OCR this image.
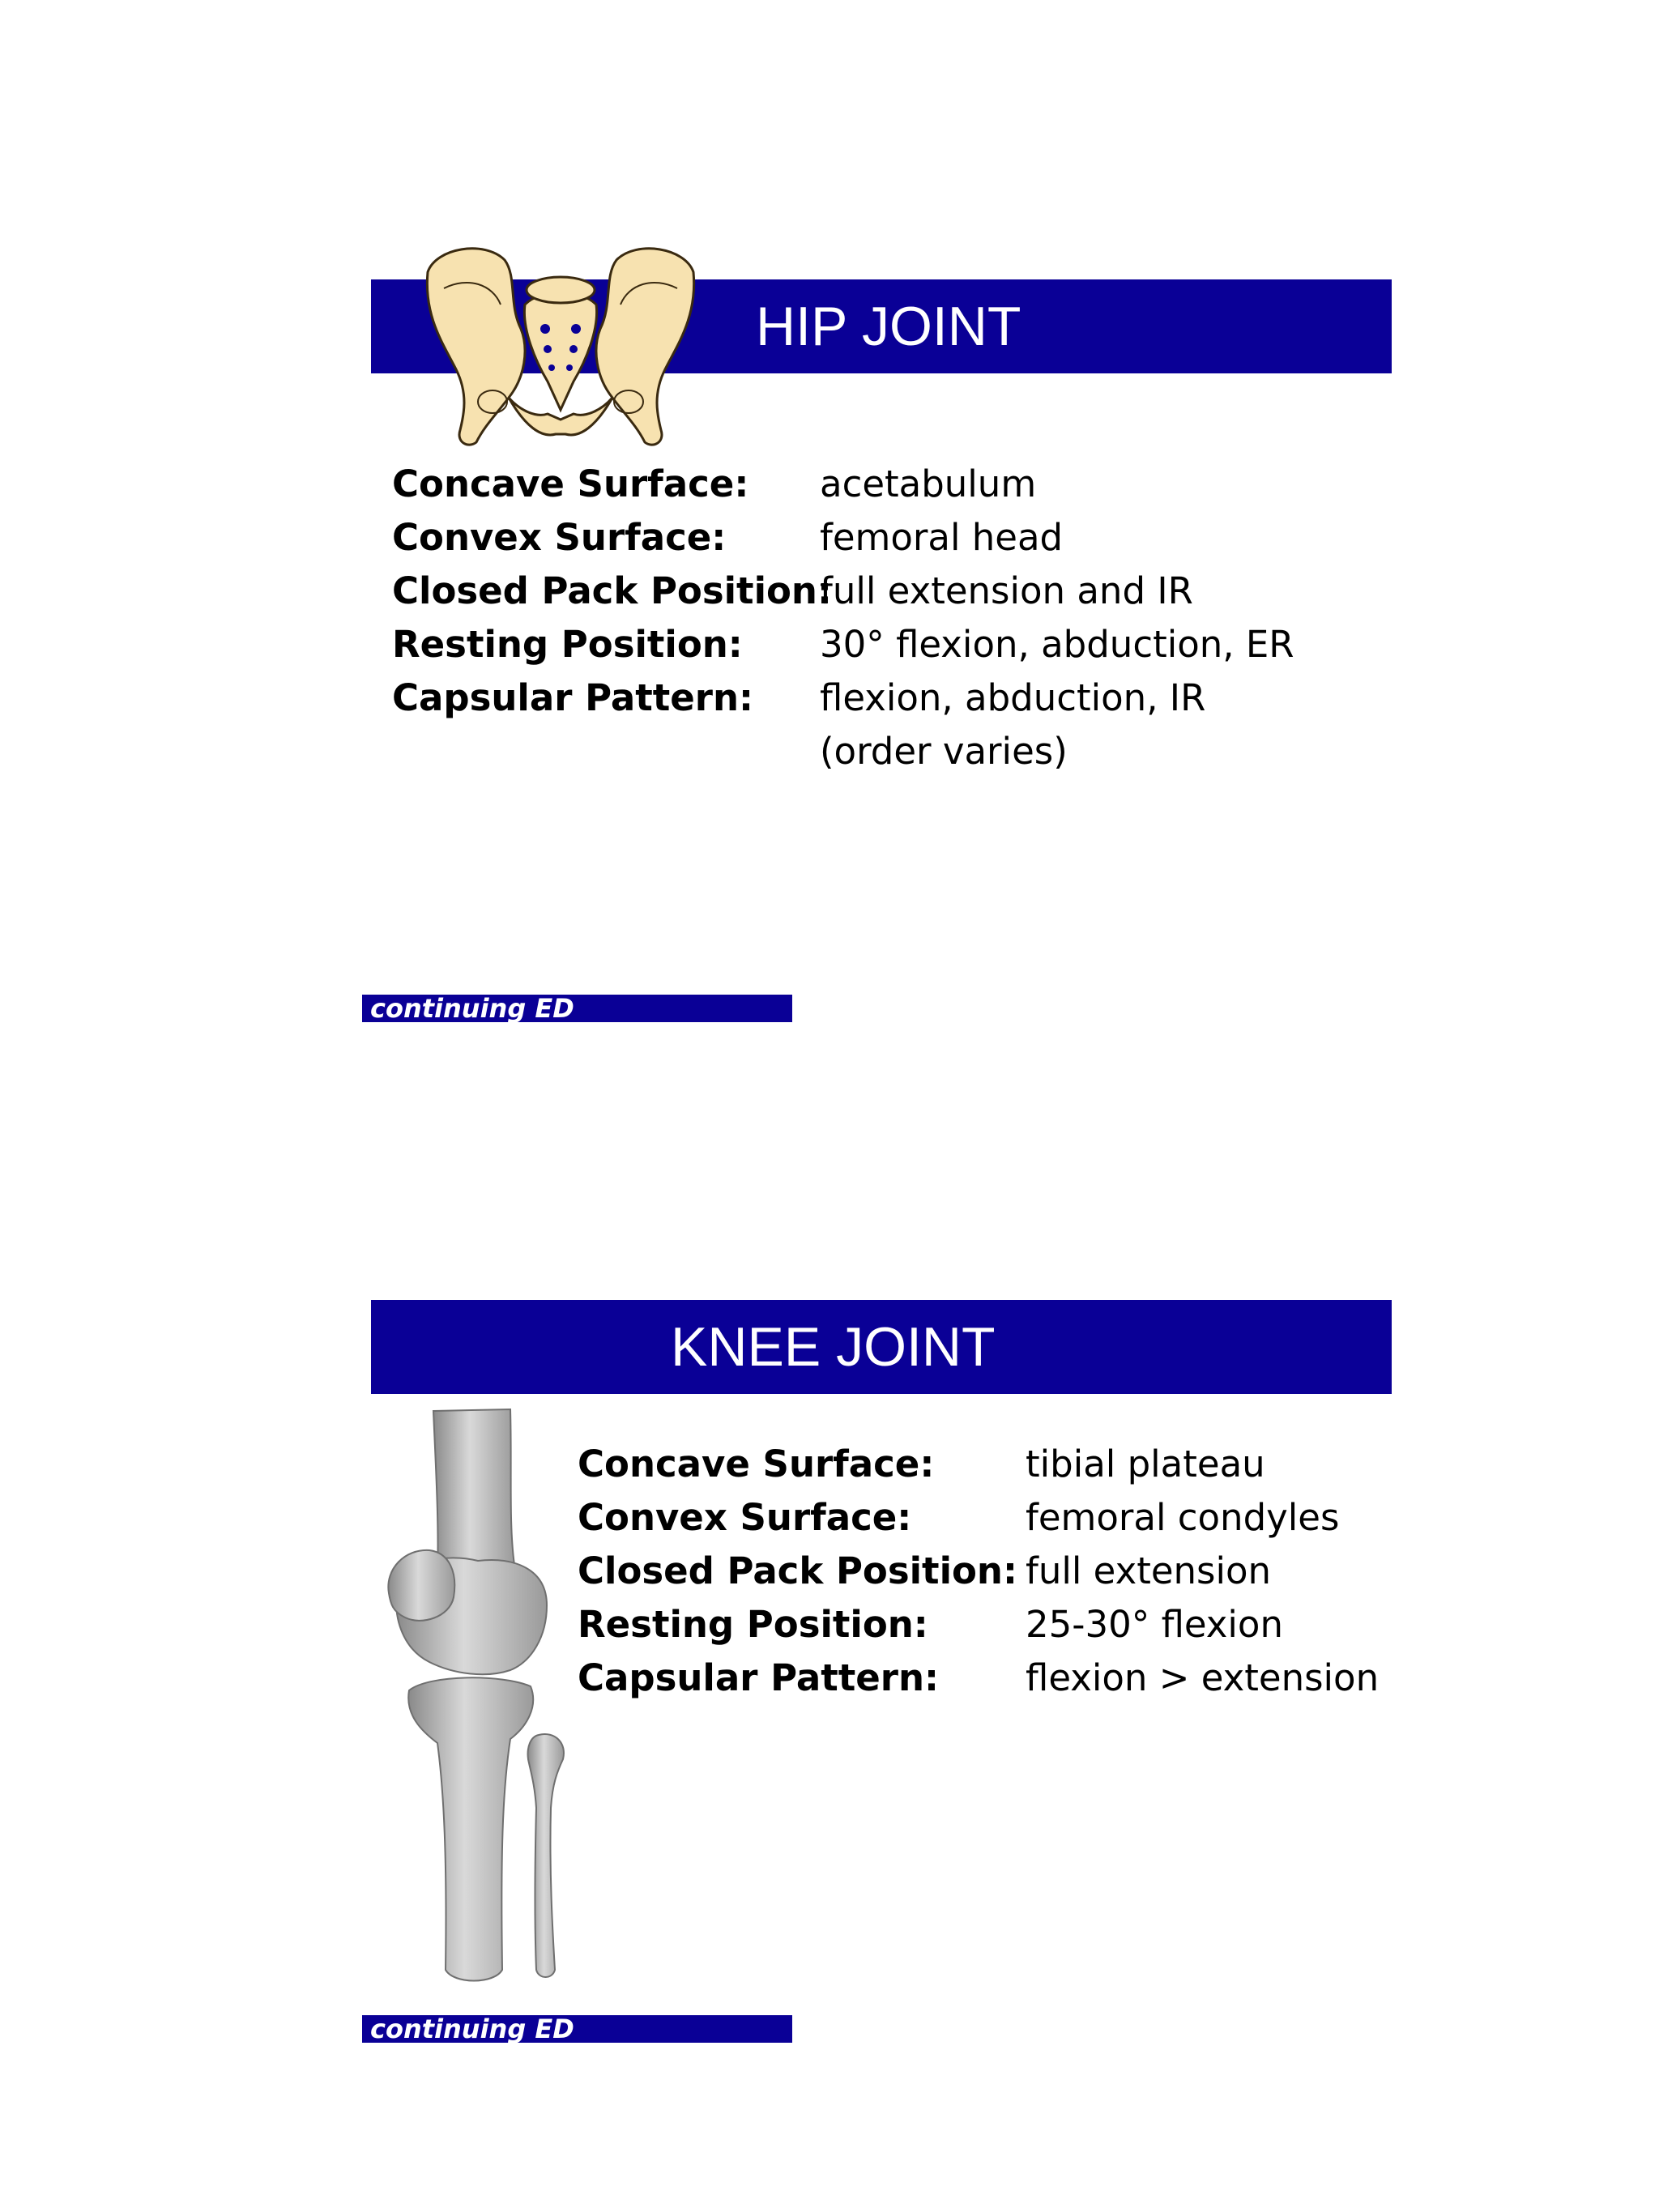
HIP JOINT
Concave Surface:	acetabulum
Convex Surface:	femoral head
Closed Pack Position:
full extension and IR
Resting Position:	30° flexion, abduction, ER
Capsular Pattern:	flexion, abduction, IR
(order varies)
continuing ED
KNEE JOINT
Concave Surface:	tibial plateau
Convex Surface:	femoral condyles
Closed Pack Position: full extension
Resting Position:	25-30° flexion
Capsular Pattern:	flexion > extension
continuing ED
